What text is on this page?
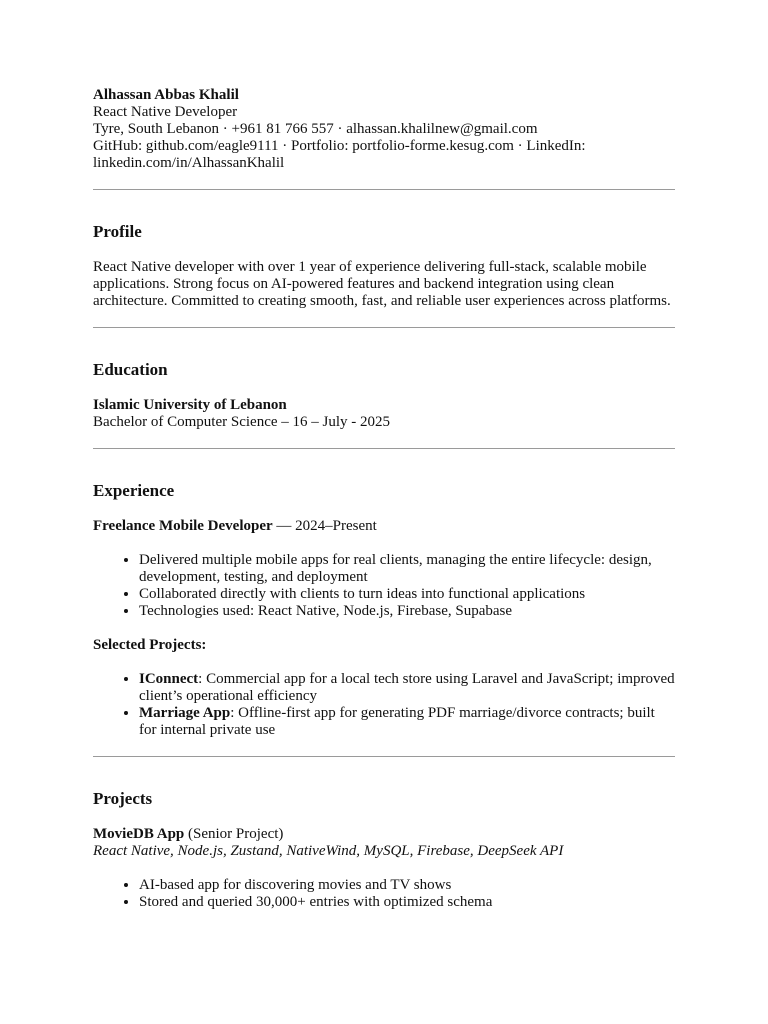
Alhassan Abbas Khalil
React Native Developer
Tyre, South Lebanon · +961 81 766 557 · alhassan.khalilnew@gmail.com
GitHub: github.com/eagle9111 · Portfolio: portfolio-forme.kesug.com · LinkedIn: linkedin.com/in/AlhassanKhalil
Profile

React Native developer with over 1 year of experience delivering full-stack, scalable mobile applications. Strong focus on AI-powered features and backend integration using clean architecture. Committed to creating smooth, fast, and reliable user experiences across platforms.

Education
Islamic University of Lebanon
Bachelor of Computer Science – 16 – July - 2025
Experience
Freelance Mobile Developer — 2024–Present
• Delivered multiple mobile apps for real clients, managing the entire lifecycle: design, development, testing, and deployment
• Collaborated directly with clients to turn ideas into functional applications
• Technologies used: React Native, Node.js, Firebase, Supabase
Selected Projects:
• IConnect: Commercial app for a local tech store using Laravel and JavaScript; improved client’s operational efficiency
• Marriage App: Offline-first app for generating PDF marriage/divorce contracts; built for internal private use
Projects
MovieDB App (Senior Project)
React Native, Node.js, Zustand, NativeWind, MySQL, Firebase, DeepSeek API
• AI-based app for discovering movies and TV shows
• Stored and queried 30,000+ entries with optimized schema
